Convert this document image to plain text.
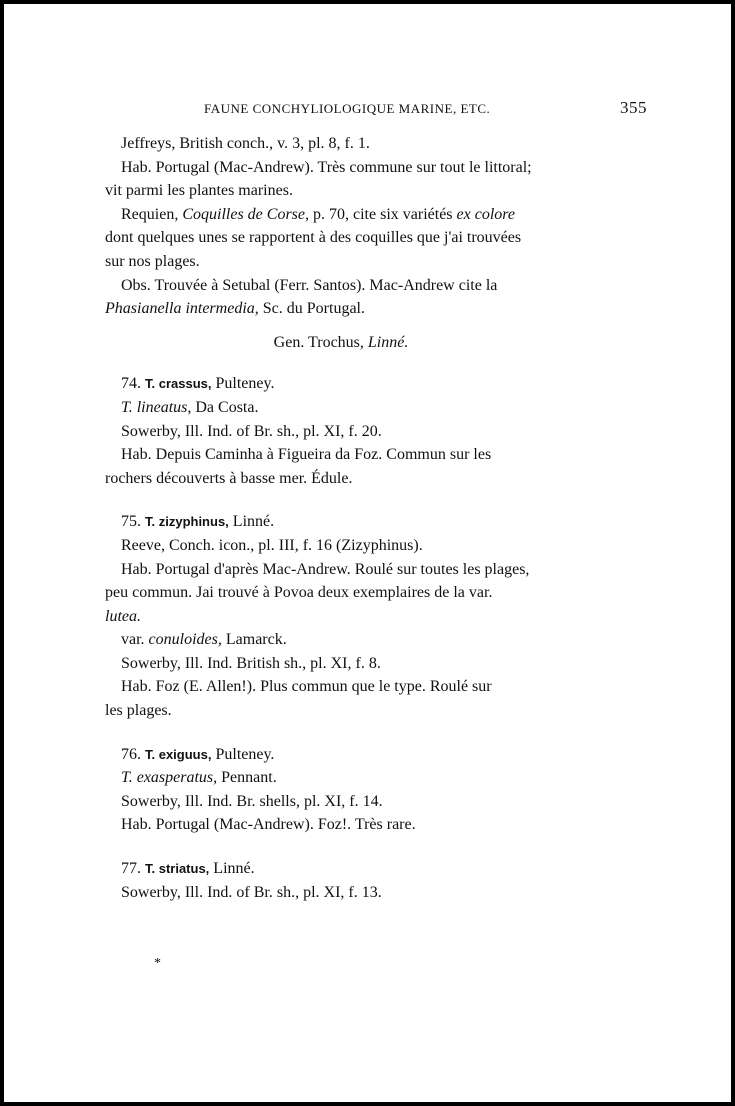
FAUNE CONCHYLIOLOGIQUE MARINE, ETC.	355

Jeffreys, British conch., v. 3, pl. 8, f. 1.

Hab. Portugal (Mac-Andrew). Très commune sur tout le littoral;

vit parmi les plantes marines.

Requien, Coquilles de Corse, p. 70, cite six variétés ex colore

dont quelques unes se rapportent à des coquilles que j'ai trouvées

sur nos plages.

Obs. Trouvée à Setubal (Ferr. Santos). Mac-Andrew cite la

Phasianella intermedia, Sc. du Portugal.

Gen. Trochus, Linné.

74. T. crassus, Pulteney.

T. lineatus, Da Costa.

Sowerby, Ill. Ind. of Br. sh., pl. XI, f. 20.

Hab. Depuis Caminha à Figueira da Foz. Commun sur les

rochers découverts à basse mer. Édule.

75. T. zizyphinus, Linné.

Reeve, Conch. icon., pl. III, f. 16 (Zizyphinus).

Hab. Portugal d'après Mac-Andrew. Roulé sur toutes les plages,

peu commun. Jai trouvé à Povoa deux exemplaires de la var.

lutea.

var. conuloides, Lamarck.

Sowerby, Ill. Ind. British sh., pl. XI, f. 8.

Hab. Foz (E. Allen!). Plus commun que le type. Roulé sur

les plages.

76. T. exiguus, Pulteney.

T. exasperatus, Pennant.

Sowerby, Ill. Ind. Br. shells, pl. XI, f. 14.

Hab. Portugal (Mac-Andrew). Foz!. Très rare.

77. T. striatus, Linné.

Sowerby, Ill. Ind. of Br. sh., pl. XI, f. 13.

*
